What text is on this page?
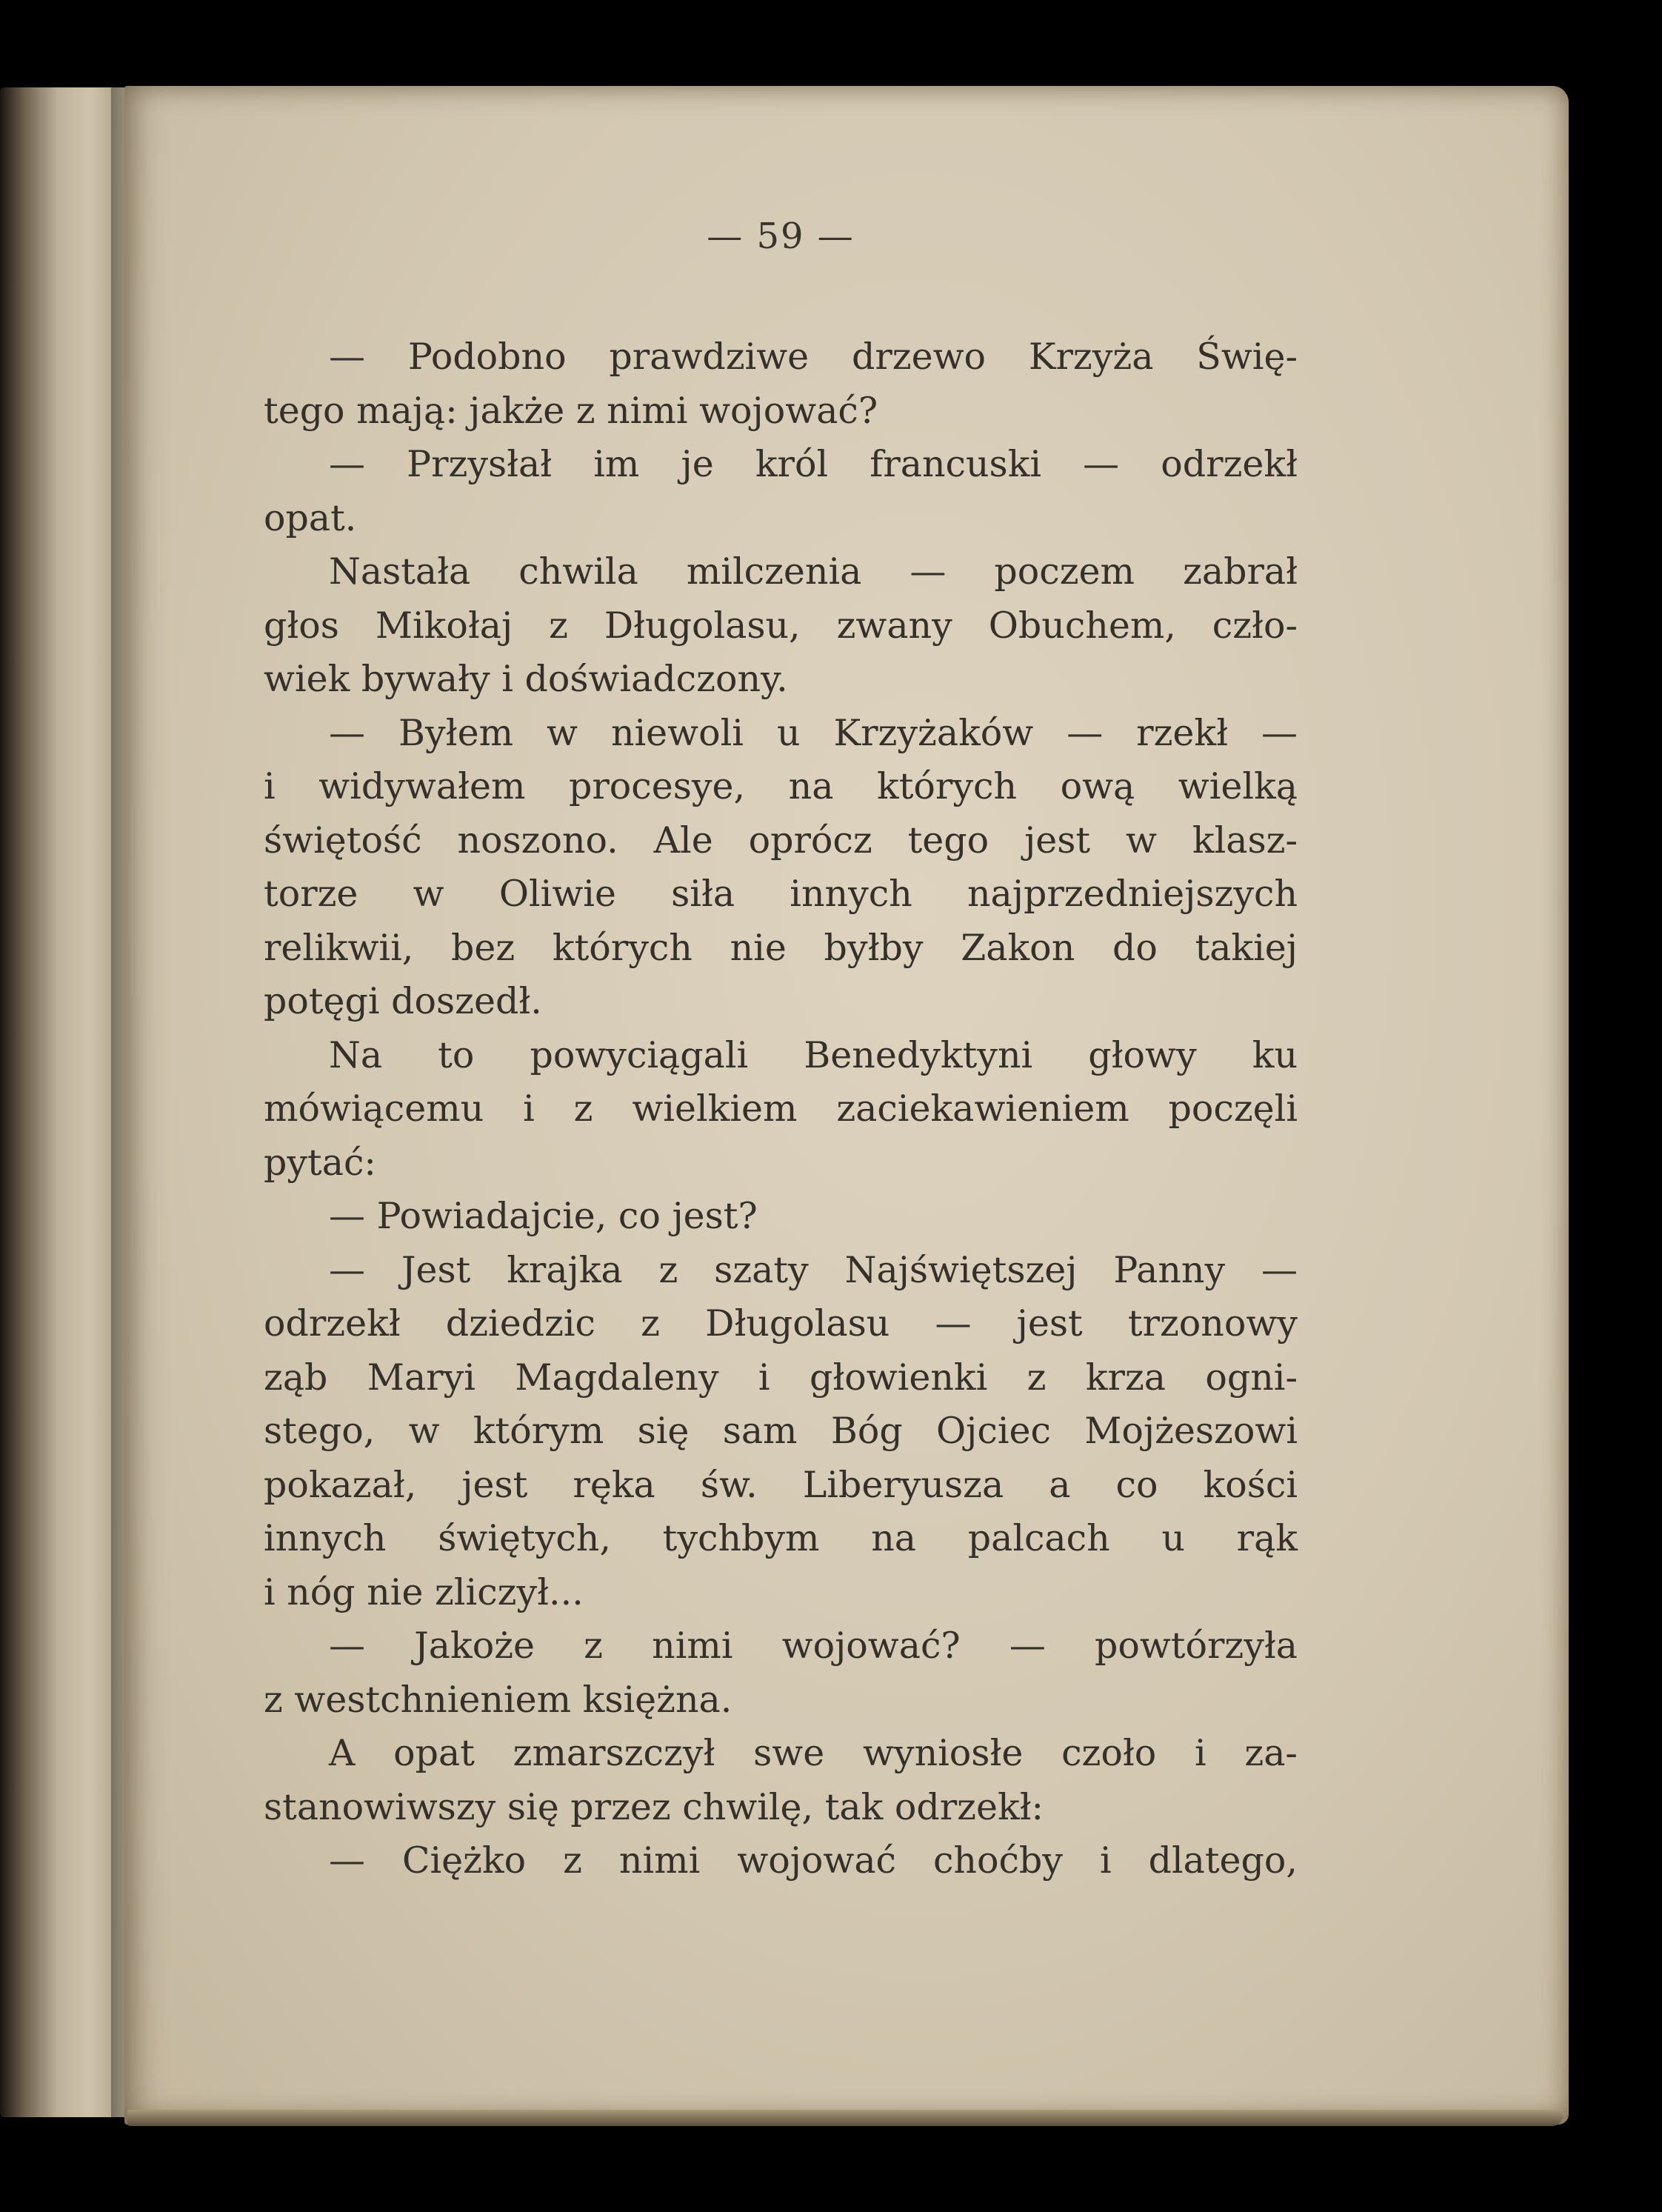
— 59 —
— Podobno prawdziwe drzewo Krzyża Świę-
tego mają: jakże z nimi wojować?
— Przysłał im je król francuski — odrzekł
opat.
Nastała chwila milczenia — poczem zabrał
głos Mikołaj z Długolasu, zwany Obuchem, czło-
wiek bywały i doświadczony.
— Byłem w niewoli u Krzyżaków — rzekł —
i widywałem procesye, na których ową wielką
świętość noszono. Ale oprócz tego jest w klasz-
torze w Oliwie siła innych najprzedniejszych
relikwii, bez których nie byłby Zakon do takiej
potęgi doszedł.
Na to powyciągali Benedyktyni głowy ku
mówiącemu i z wielkiem zaciekawieniem poczęli
pytać:
— Powiadajcie, co jest?
— Jest krajka z szaty Najświętszej Panny —
odrzekł dziedzic z Długolasu — jest trzonowy
ząb Maryi Magdaleny i głowienki z krza ogni-
stego, w którym się sam Bóg Ojciec Mojżeszowi
pokazał, jest ręka św. Liberyusza a co kości
innych świętych, tychbym na palcach u rąk
i nóg nie zliczył...
— Jakoże z nimi wojować? — powtórzyła
z westchnieniem księżna.
A opat zmarszczył swe wyniosłe czoło i za-
stanowiwszy się przez chwilę, tak odrzekł:
— Ciężko z nimi wojować choćby i dlatego,
